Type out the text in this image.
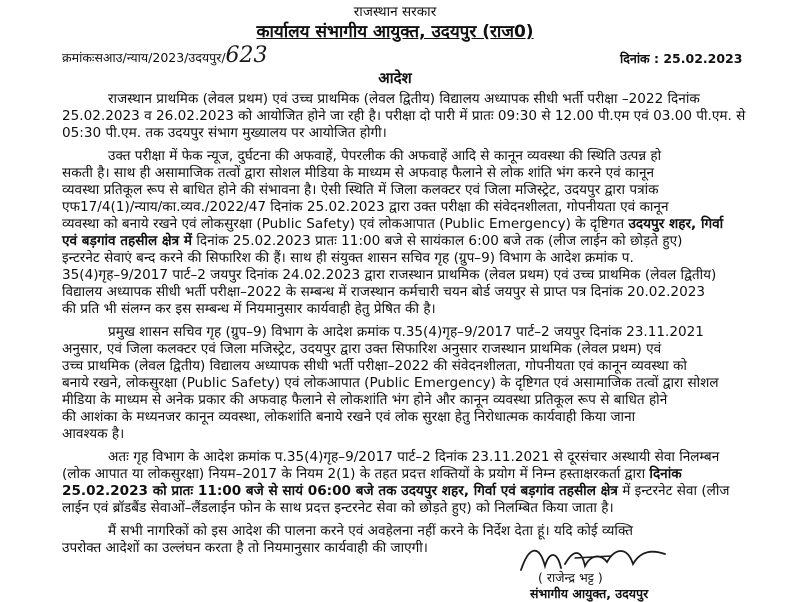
राजस्थान सरकार
कार्यालय संभागीय आयुक्त, उदयपुर (राज0)
क्रमांकःसआउ/न्याय/2023/उदयपुर/623	दिनांक : 25.02.2023
आदेश
राजस्थान प्राथमिक (लेवल प्रथम) एवं उच्च प्राथमिक (लेवल द्वितीय) विद्यालय अध्यापक सीधी भर्ती परीक्षा –2022 दिनांक
25.02.2023 व 26.02.2023 को आयोजित होने जा रही है। परीक्षा दो पारी में प्रातः 09:30 से 12.00 पी.एम एवं 03.00 पी.एम. से
05:30 पी.एम. तक उदयपुर संभाग मुख्यालय पर आयोजित होगी।
उक्त परीक्षा में फेक न्यूज, दुर्घटना की अफवाहें, पेपरलीक की अफवाहें आदि से कानून व्यवस्था की स्थिति उत्पन्न हो
सकती है। साथ ही असामाजिक तत्वों द्वारा सोशल मीडिया के माध्यम से अफवाह फैलाने से लोक शांति भंग करने एवं कानून
व्यवस्था प्रतिकूल रूप से बाधित होने की संभावना है। ऐसी स्थिति में जिला कलक्टर एवं जिला मजिस्ट्रेट, उदयपुर द्वारा पत्रांक
एफ17/4(1)/न्याय/का.व्यव./2022/47 दिनांक 25.02.2023 द्वारा उक्त परीक्षा की संवेदनशीलता, गोपनीयता एवं कानून
व्यवस्था को बनाये रखने एवं लोकसुरक्षा (Public Safety) एवं लोकआपात (Public Emergency) के दृष्टिगत उदयपुर शहर, गिर्वा
एवं बड़गांव तहसील क्षेत्र में दिनांक 25.02.2023 प्रातः 11:00 बजे से सायंकाल 6:00 बजे तक (लीज लाईन को छोड़ते हुए)
इन्टरनेट सेवाएं बन्द करने की सिफारिश की हैं। साथ ही संयुक्त शासन सचिव गृह (ग्रुप–9) विभाग के आदेश क्रमांक प.
35(4)गृह–9/2017 पार्ट–2 जयपुर दिनांक 24.02.2023 द्वारा राजस्थान प्राथमिक (लेवल प्रथम) एवं उच्च प्राथमिक (लेवल द्वितीय)
विद्यालय अध्यापक सीधी भर्ती परीक्षा–2022 के सम्बन्ध में राजस्थान कर्मचारी चयन बोर्ड जयपुर से प्राप्त पत्र दिनांक 20.02.2023
की प्रति भी संलग्न कर इस सम्बन्ध में नियमानुसार कार्यवाही हेतु प्रेषित की है।
प्रमुख शासन सचिव गृह (ग्रुप–9) विभाग के आदेश क्रमांक प.35(4)गृह–9/2017 पार्ट–2 जयपुर दिनांक 23.11.2021
अनुसार, एवं जिला कलक्टर एवं जिला मजिस्ट्रेट, उदयपुर द्वारा उक्त सिफारिश अनुसार राजस्थान प्राथमिक (लेवल प्रथम) एवं
उच्च प्राथमिक (लेवल द्वितीय) विद्यालय अध्यापक सीधी भर्ती परीक्षा–2022 की संवेदनशीलता, गोपनीयता एवं कानून व्यवस्था को
बनाये रखने, लोकसुरक्षा (Public Safety) एवं लोकआपात (Public Emergency) के दृष्टिगत एवं असामाजिक तत्वों द्वारा सोशल
मीडिया के माध्यम से अनेक प्रकार की अफवाह फैलाने से लोकशांति भंग होने और कानून व्यवस्था प्रतिकूल रूप से बाधित होने
की आशंका के मध्यनजर कानून व्यवस्था, लोकशांति बनाये रखने एवं लोक सुरक्षा हेतु निरोधात्मक कार्यवाही किया जाना
आवश्यक है।
अतः गृह विभाग के आदेश क्रमांक प.35(4)गृह–9/2017 पार्ट–2 दिनांक 23.11.2021 से दूरसंचार अस्थायी सेवा निलम्बन
(लोक आपात या लोकसुरक्षा) नियम–2017 के नियम 2(1) के तहत प्रदत्त शक्तियों के प्रयोग में निम्न हस्ताक्षरकर्ता द्वारा दिनांक
25.02.2023 को प्रातः 11:00 बजे से सायं 06:00 बजे तक उदयपुर शहर, गिर्वा एवं बड़गांव तहसील क्षेत्र में इन्टरनेट सेवा (लीज
लाईन एवं ब्रॉडबैंड सेवाओं–लैंडलाईन फोन के साथ प्रदत्त इन्टरनेट सेवा को छोड़ते हुए) को निलम्बित किया जाता है।
मैं सभी नागरिकों को इस आदेश की पालना करने एवं अवहेलना नहीं करने के निर्देश देता हूं। यदि कोई व्यक्ति
उपरोक्त आदेशों का उल्लंघन करता है तो नियमानुसार कार्यवाही की जाएगी।
( राजेन्द्र भट्ट )
संभागीय आयुक्त, उदयपुर
